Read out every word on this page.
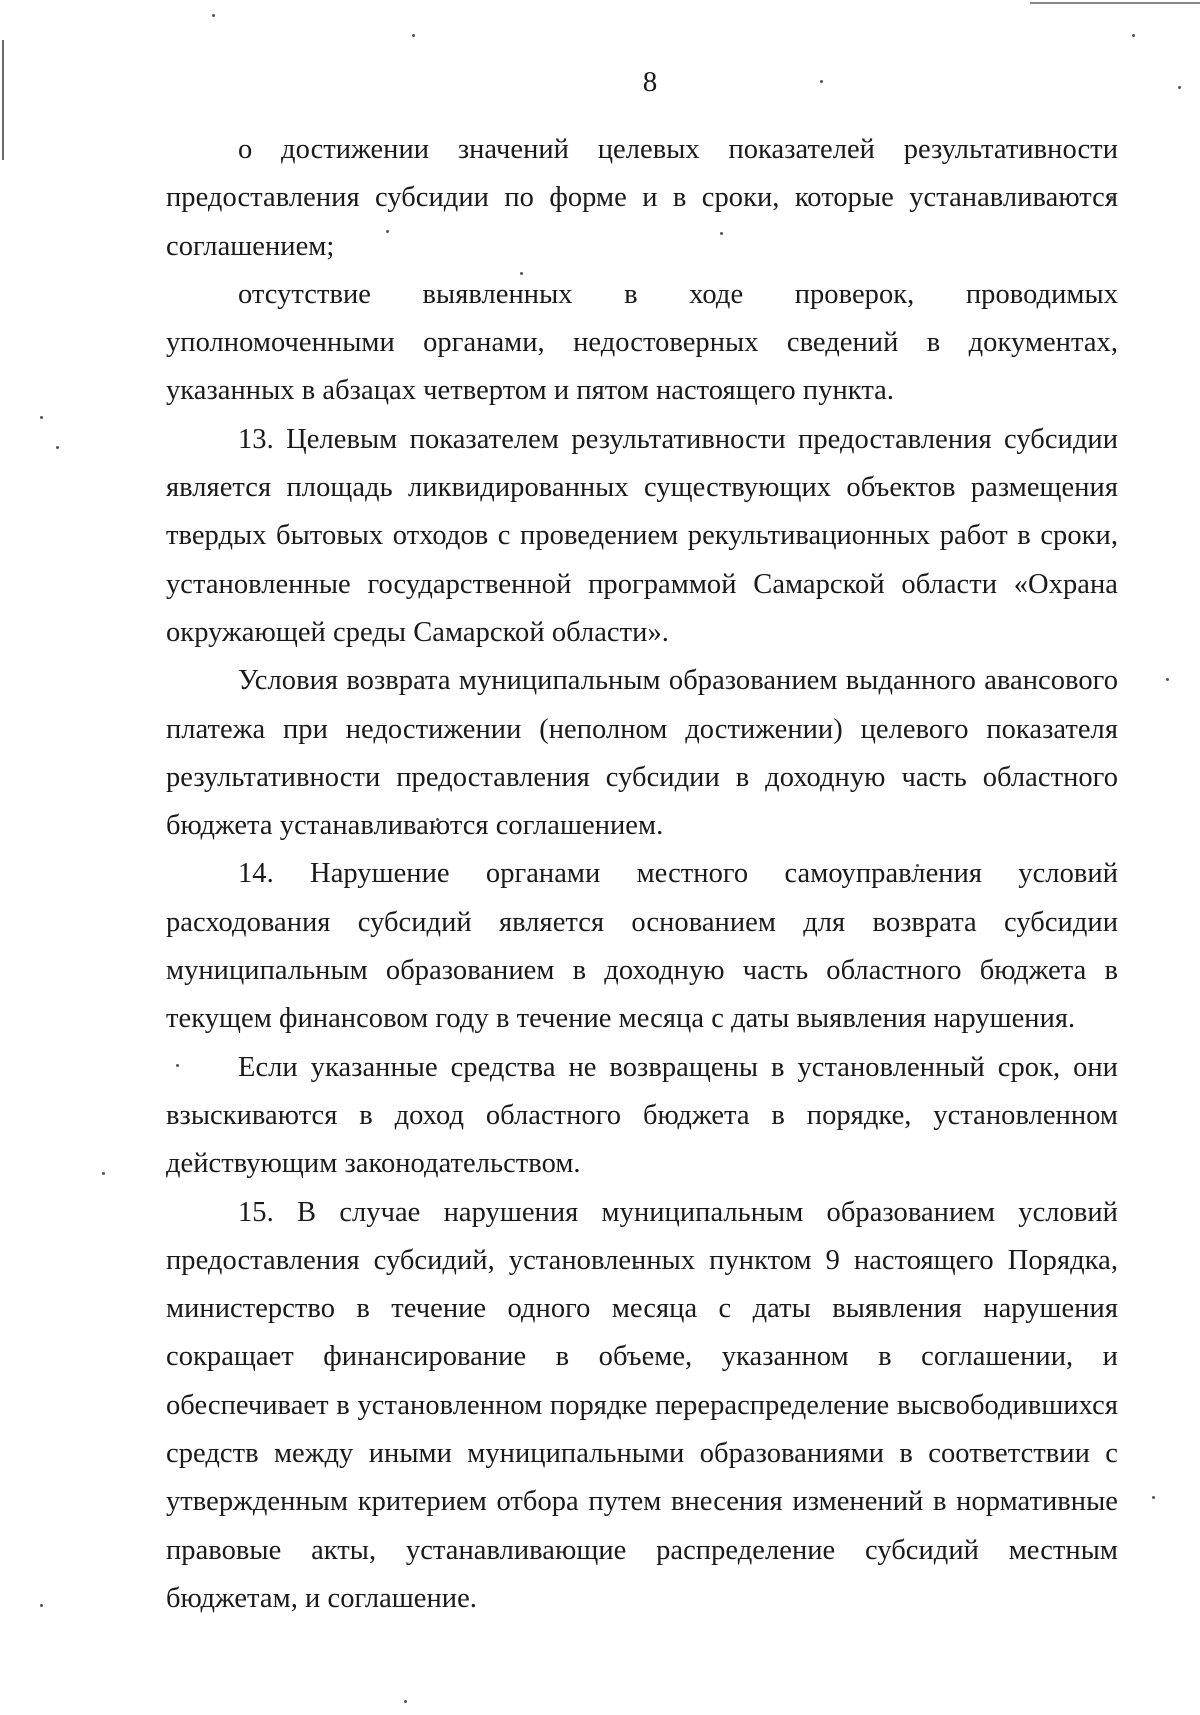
8

о достижении значений целевых показателей результативности предоставления субсидии по форме и в сроки, которые устанавливаются соглашением;

отсутствие выявленных в ходе проверок, проводимых уполномоченными органами, недостоверных сведений в документах, указанных в абзацах четвертом и пятом настоящего пункта.

13. Целевым показателем результативности предоставления субсидии является площадь ликвидированных существующих объектов размещения твердых бытовых отходов с проведением рекультивационных работ в сроки, установленные государственной программой Самарской области «Охрана окружающей среды Самарской области».

Условия возврата муниципальным образованием выданного авансового платежа при недостижении (неполном достижении) целевого показателя результативности предоставления субсидии в доходную часть областного бюджета устанавливаются соглашением.

14. Нарушение органами местного самоуправления условий расходования субсидий является основанием для возврата субсидии муниципальным образованием в доходную часть областного бюджета в текущем финансовом году в течение месяца с даты выявления нарушения.

Если указанные средства не возвращены в установленный срок, они взыскиваются в доход областного бюджета в порядке, установленном действующим законодательством.

15. В случае нарушения муниципальным образованием условий предоставления субсидий, установленных пунктом 9 настоящего Порядка, министерство в течение одного месяца с даты выявления нарушения сокращает финансирование в объеме, указанном в соглашении, и обеспечивает в установленном порядке перераспределение высвободившихся средств между иными муниципальными образованиями в соответствии с утвержденным критерием отбора путем внесения изменений в нормативные правовые акты, устанавливающие распределение субсидий местным бюджетам, и соглашение.
